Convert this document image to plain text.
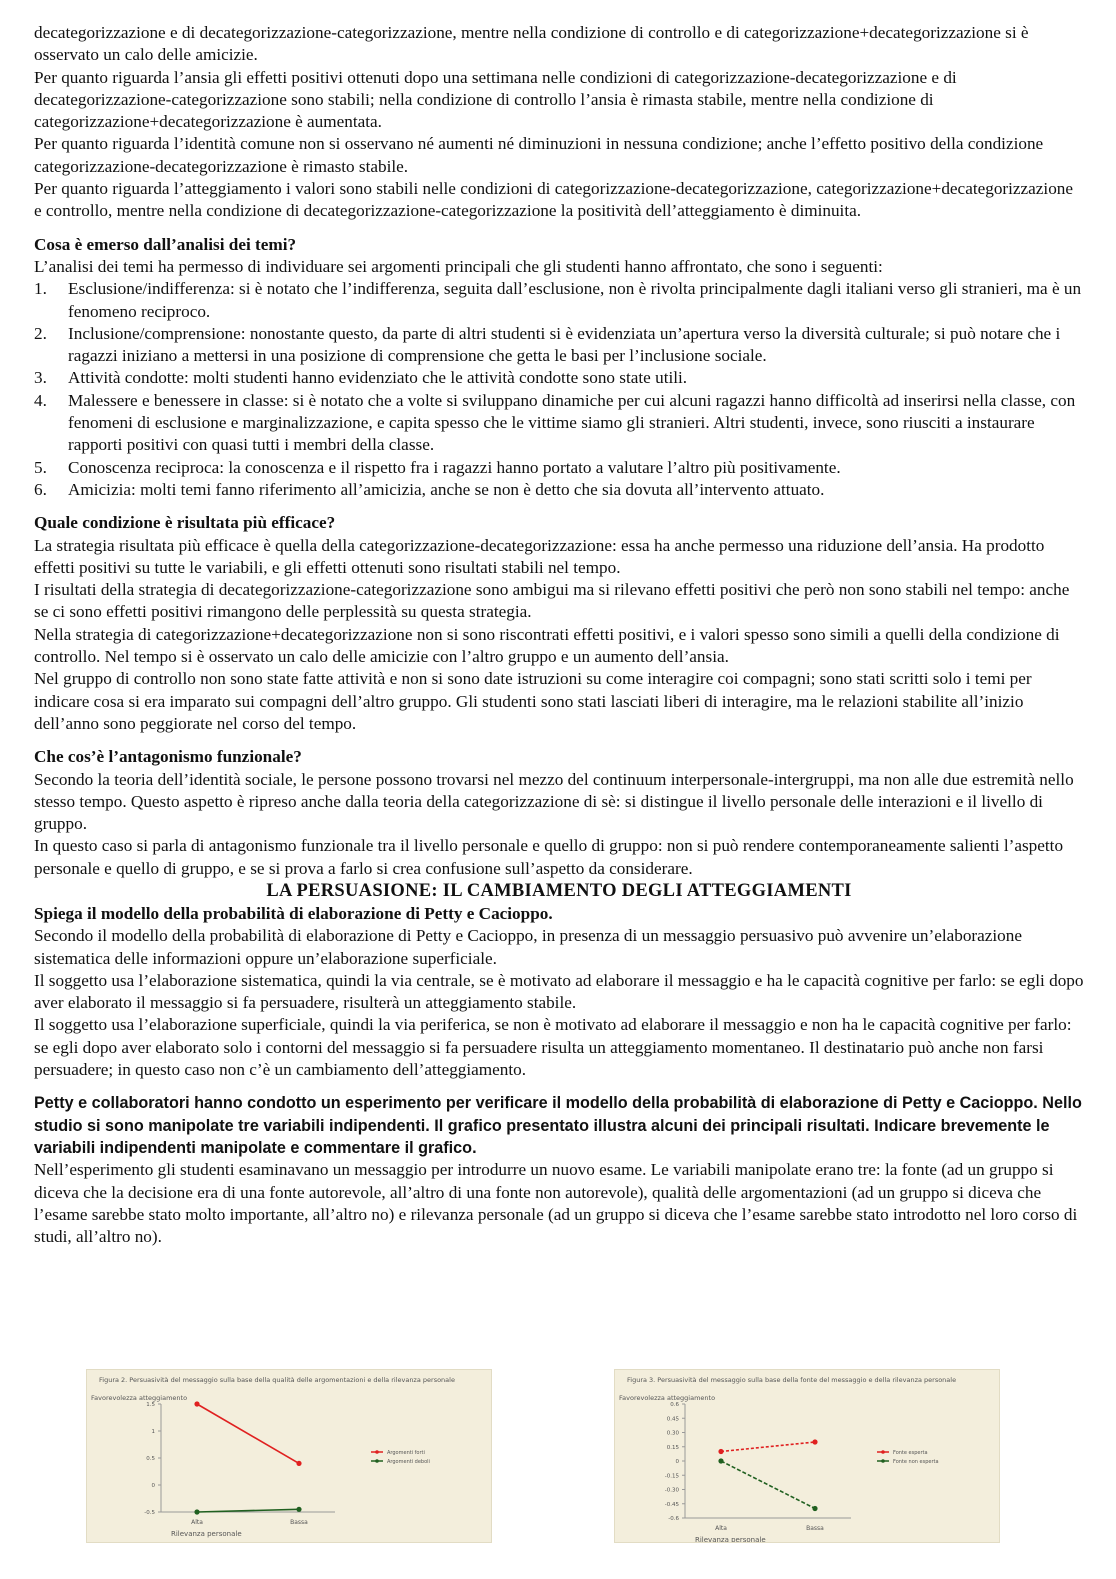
decategorizzazione e di decategorizzazione-categorizzazione, mentre nella condizione di controllo e di categorizzazione+decategorizzazione si è osservato un calo delle amicizie.

Per quanto riguarda l’ansia gli effetti positivi ottenuti dopo una settimana nelle condizioni di categorizzazione-decategorizzazione e di decategorizzazione-categorizzazione sono stabili; nella condizione di controllo l’ansia è rimasta stabile, mentre nella condizione di categorizzazione+decategorizzazione è aumentata.

Per quanto riguarda l’identità comune non si osservano né aumenti né diminuzioni in nessuna condizione; anche l’effetto positivo della condizione categorizzazione-decategorizzazione è rimasto stabile.

Per quanto riguarda l’atteggiamento i valori sono stabili nelle condizioni di categorizzazione-decategorizzazione, categorizzazione+decategorizzazione e controllo, mentre nella condizione di decategorizzazione-categorizzazione la positività dell’atteggiamento è diminuita.

Cosa è emerso dall’analisi dei temi?

L’analisi dei temi ha permesso di individuare sei argomenti principali che gli studenti hanno affrontato, che sono i seguenti:

1. Esclusione/indifferenza: si è notato che l’indifferenza, seguita dall’esclusione, non è rivolta principalmente dagli italiani verso gli stranieri, ma è un fenomeno reciproco.
2. Inclusione/comprensione: nonostante questo, da parte di altri studenti si è evidenziata un’apertura verso la diversità culturale; si può notare che i ragazzi iniziano a mettersi in una posizione di comprensione che getta le basi per l’inclusione sociale.
3. Attività condotte: molti studenti hanno evidenziato che le attività condotte sono state utili.
4. Malessere e benessere in classe: si è notato che a volte si sviluppano dinamiche per cui alcuni ragazzi hanno difficoltà ad inserirsi nella classe, con fenomeni di esclusione e marginalizzazione, e capita spesso che le vittime siamo gli stranieri. Altri studenti, invece, sono riusciti a instaurare rapporti positivi con quasi tutti i membri della classe.
5. Conoscenza reciproca: la conoscenza e il rispetto fra i ragazzi hanno portato a valutare l’altro più positivamente.
6. Amicizia: molti temi fanno riferimento all’amicizia, anche se non è detto che sia dovuta all’intervento attuato.

Quale condizione è risultata più efficace?

La strategia risultata più efficace è quella della categorizzazione-decategorizzazione: essa ha anche permesso una riduzione dell’ansia. Ha prodotto effetti positivi su tutte le variabili, e gli effetti ottenuti sono risultati stabili nel tempo.

I risultati della strategia di decategorizzazione-categorizzazione sono ambigui ma si rilevano effetti positivi che però non sono stabili nel tempo: anche se ci sono effetti positivi rimangono delle perplessità su questa strategia.

Nella strategia di categorizzazione+decategorizzazione non si sono riscontrati effetti positivi, e i valori spesso sono simili a quelli della condizione di controllo. Nel tempo si è osservato un calo delle amicizie con l’altro gruppo e un aumento dell’ansia.

Nel gruppo di controllo non sono state fatte attività e non si sono date istruzioni su come interagire coi compagni; sono stati scritti solo i temi per indicare cosa si era imparato sui compagni dell’altro gruppo. Gli studenti sono stati lasciati liberi di interagire, ma le relazioni stabilite all’inizio dell’anno sono peggiorate nel corso del tempo.

Che cos’è l’antagonismo funzionale?

Secondo la teoria dell’identità sociale, le persone possono trovarsi nel mezzo del continuum interpersonale-intergruppi, ma non alle due estremità nello stesso tempo. Questo aspetto è ripreso anche dalla teoria della categorizzazione di sè: si distingue il livello personale delle interazioni e il livello di gruppo.

In questo caso si parla di antagonismo funzionale tra il livello personale e quello di gruppo: non si può rendere contemporaneamente salienti l’aspetto personale e quello di gruppo, e se si prova a farlo si crea confusione sull’aspetto da considerare.

LA PERSUASIONE: IL CAMBIAMENTO DEGLI ATTEGGIAMENTI

Spiega il modello della probabilità di elaborazione di Petty e Cacioppo.

Secondo il modello della probabilità di elaborazione di Petty e Cacioppo, in presenza di un messaggio persuasivo può avvenire un’elaborazione sistematica delle informazioni oppure un’elaborazione superficiale.

Il soggetto usa l’elaborazione sistematica, quindi la via centrale, se è motivato ad elaborare il messaggio e ha le capacità cognitive per farlo: se egli dopo aver elaborato il messaggio si fa persuadere, risulterà un atteggiamento stabile.

Il soggetto usa l’elaborazione superficiale, quindi la via periferica, se non è motivato ad elaborare il messaggio e non ha le capacità cognitive per farlo: se egli dopo aver elaborato solo i contorni del messaggio si fa persuadere risulta un atteggiamento momentaneo. Il destinatario può anche non farsi persuadere; in questo caso non c’è un cambiamento dell’atteggiamento.

Petty e collaboratori hanno condotto un esperimento per verificare il modello della probabilità di elaborazione di Petty e Cacioppo. Nello studio si sono manipolate tre variabili indipendenti. Il grafico presentato illustra alcuni dei principali risultati. Indicare brevemente le variabili indipendenti manipolate e commentare il grafico.

Nell’esperimento gli studenti esaminavano un messaggio per introdurre un nuovo esame. Le variabili manipolate erano tre: la fonte (ad un gruppo si diceva che la decisione era di una fonte autorevole, all’altro di una fonte non autorevole), qualità delle argomentazioni (ad un gruppo si diceva che l’esame sarebbe stato molto importante, all’altro no) e rilevanza personale (ad un gruppo si diceva che l’esame sarebbe stato introdotto nel loro corso di studi, all’altro no).

Figura 2. Persuasività del messaggio sulla base della qualità delle argomentazioni e della rilevanza personale
Favorevolezza atteggiamento
Rilevanza personale
1.5
1
0.5
0
-0.5
Alta	Bassa
Argomenti forti
Argomenti deboli
Figura 3. Persuasività del messaggio sulla base della fonte del messaggio e della rilevanza personale
Favorevolezza atteggiamento
Rilevanza personale
0.6
0.45
0.30
0.15
0
-0.15
-0.30
-0.45
-0.6
Alta	Bassa
Fonte esperta
Fonte non esperta
